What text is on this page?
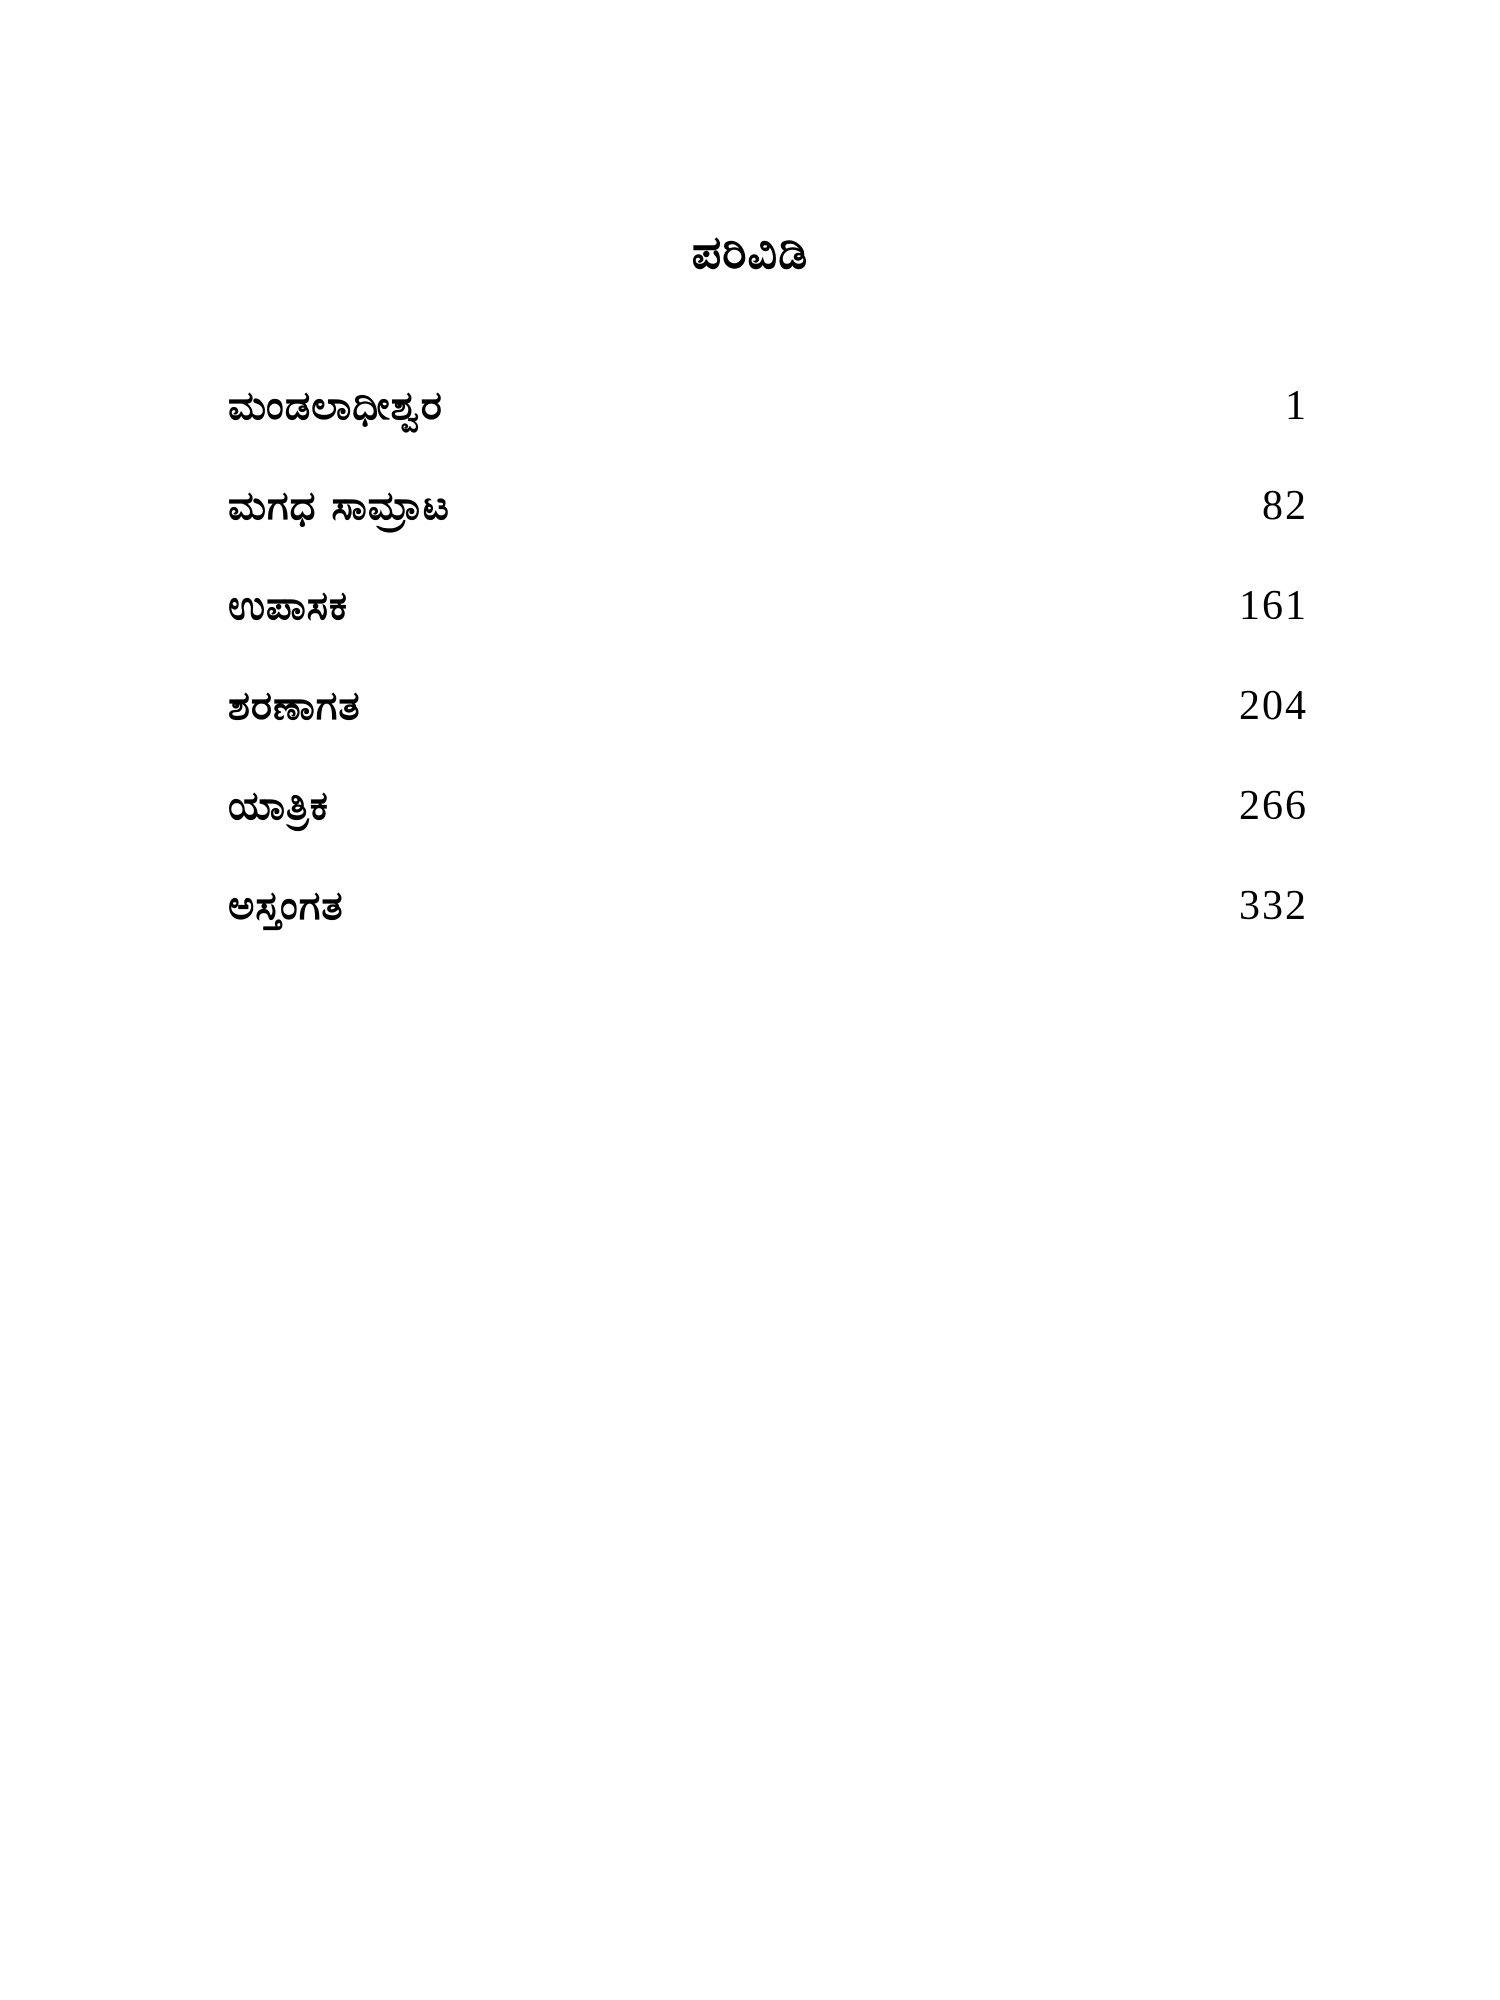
ಪರಿವಿಡಿ
ಮಂಡಲಾಧೀಶ್ವರ	1
ಮಗಧ ಸಾಮ್ರಾಟ	82
ಉಪಾಸಕ	161
ಶರಣಾಗತ	204
ಯಾತ್ರಿಕ	266
ಅಸ್ತಂಗತ	332
